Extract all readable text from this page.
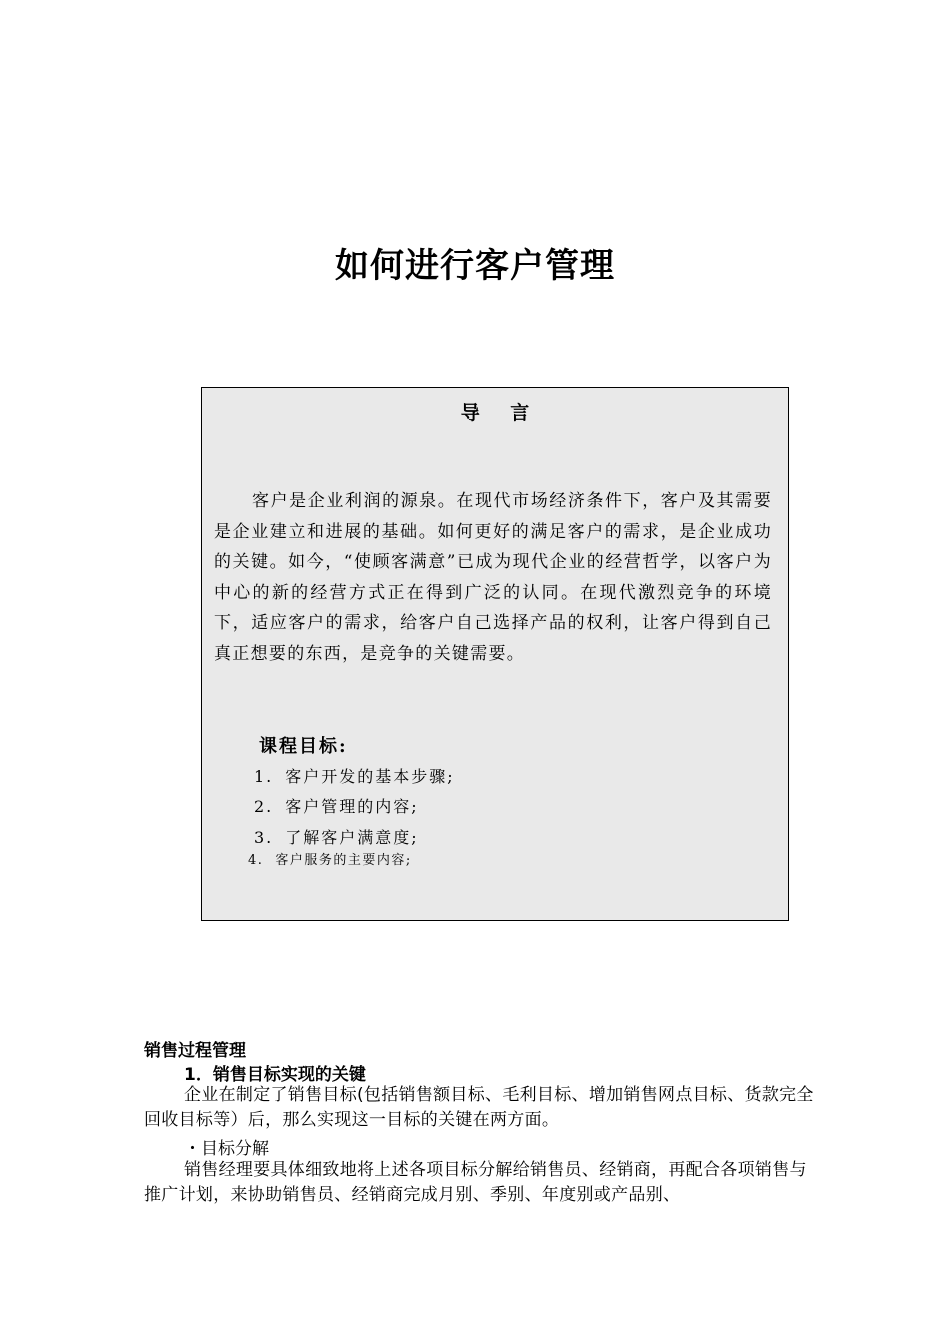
如何进行客户管理
导 言

客户是企业利润的源泉。在现代市场经济条件下，客户及其需要是企业建立和进展的基础。如何更好的满足客户的需求，是企业成功的关键。如今，“使顾客满意”已成为现代企业的经营哲学，以客户为中心的新的经营方式正在得到广泛的认同。在现代激烈竞争的环境下，适应客户的需求，给客户自己选择产品的权利，让客户得到自己真正想要的东西，是竞争的关键需要。

课程目标:
1. 客户开发的基本步骤;
2. 客户管理的内容;
3. 了解客户满意度;
4. 客户服务的主要内容;
销售过程管理
1．销售目标实现的关键

企业在制定了销售目标(包括销售额目标、毛利目标、增加销售网点目标、货款完全回收目标等）后，那么实现这一目标的关键在两方面。

・目标分解

销售经理要具体细致地将上述各项目标分解给销售员、经销商，再配合各项销售与推广计划，来协助销售员、经销商完成月别、季别、年度别或产品别、
